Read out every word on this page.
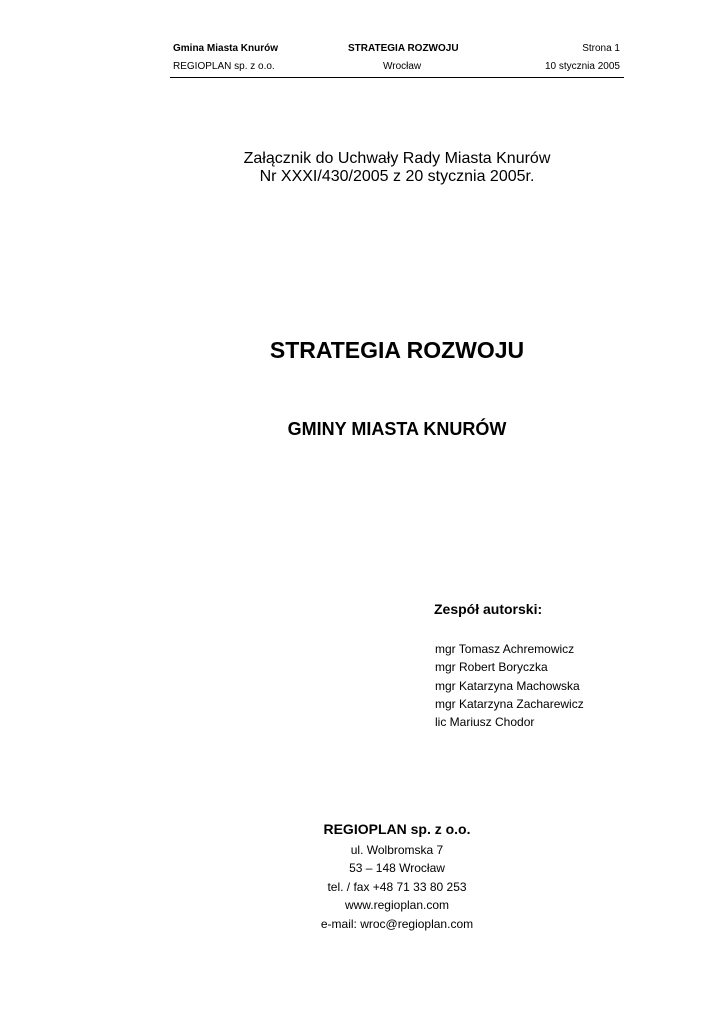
Gmina Miasta Knurów	STRATEGIA ROZWOJU	Strona 1
REGIOPLAN sp. z o.o.	Wrocław	10 stycznia 2005
Załącznik do Uchwały Rady Miasta Knurów
Nr XXXI/430/2005 z 20 stycznia 2005r.
STRATEGIA ROZWOJU
GMINY MIASTA KNURÓW
Zespół autorski:
mgr Tomasz Achremowicz
mgr Robert Boryczka
mgr Katarzyna Machowska
mgr Katarzyna Zacharewicz
lic Mariusz Chodor
REGIOPLAN sp. z o.o.
ul. Wolbromska 7
53 – 148 Wrocław
tel. / fax +48 71 33 80 253
www.regioplan.com
e-mail: wroc@regioplan.com
